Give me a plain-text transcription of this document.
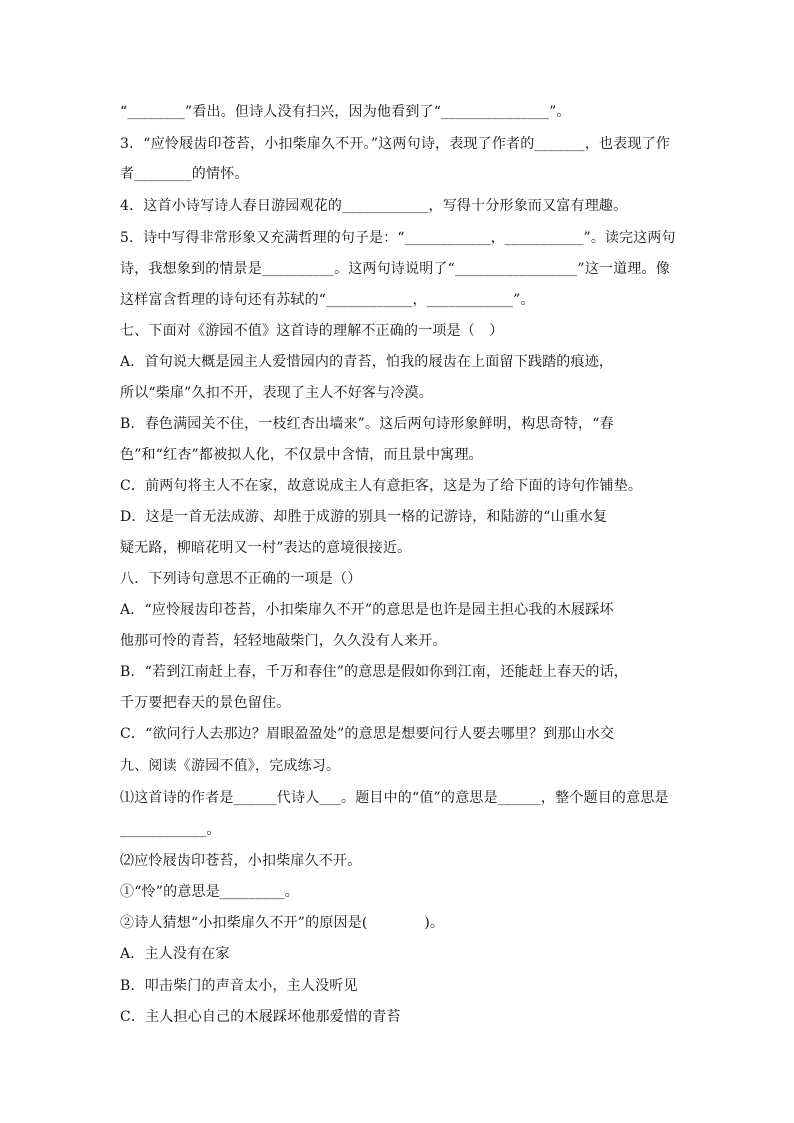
“________”看出。但诗人没有扫兴，因为他看到了“_______________”。
3．“应怜屐齿印苍苔，小扣柴扉久不开。”这两句诗，表现了作者的_______，也表现了作
者________的情怀。
4．这首小诗写诗人春日游园观花的____________，写得十分形象而又富有理趣。
5．诗中写得非常形象又充满哲理的句子是：“____________，___________”。读完这两句
诗，我想象到的情景是__________。这两句诗说明了“_________________”这一道理。像
这样富含哲理的诗句还有苏轼的“____________，____________”。
七、下面对《游园不值》这首诗的理解不正确的一项是（　）
A．首句说大概是园主人爱惜园内的青苔，怕我的屐齿在上面留下践踏的痕迹，
所以“柴扉”久扣不开，表现了主人不好客与冷漠。
B．春色满园关不住，一枝红杏出墙来”。这后两句诗形象鲜明，构思奇特，“春
色”和“红杏”都被拟人化，不仅景中含情，而且景中寓理。
C．前两句将主人不在家，故意说成主人有意拒客，这是为了给下面的诗句作铺垫。
D．这是一首无法成游、却胜于成游的别具一格的记游诗，和陆游的“山重水复
疑无路，柳暗花明又一村”表达的意境很接近。
八．下列诗句意思不正确的一项是（）
A．“应怜屐齿印苍苔，小扣柴扉久不开”的意思是也许是园主担心我的木屐踩坏
他那可怜的青苔，轻轻地敲柴门，久久没有人来开。
B．“若到江南赶上春，千万和春住”的意思是假如你到江南，还能赶上春天的话，
千万要把春天的景色留住。
C．“欲问行人去那边？眉眼盈盈处”的意思是想要问行人要去哪里？到那山水交
九、阅读《游园不值》，完成练习。
⑴这首诗的作者是______代诗人___。题目中的“值”的意思是______，整个题目的意思是
____________。
⑵应怜屐齿印苍苔，小扣柴扉久不开。
①“怜”的意思是_________。
②诗人猜想“小扣柴扉久不开”的原因是(　　　　)。
A．主人没有在家
B．叩击柴门的声音太小，主人没听见
C．主人担心自己的木屐踩坏他那爱惜的青苔
